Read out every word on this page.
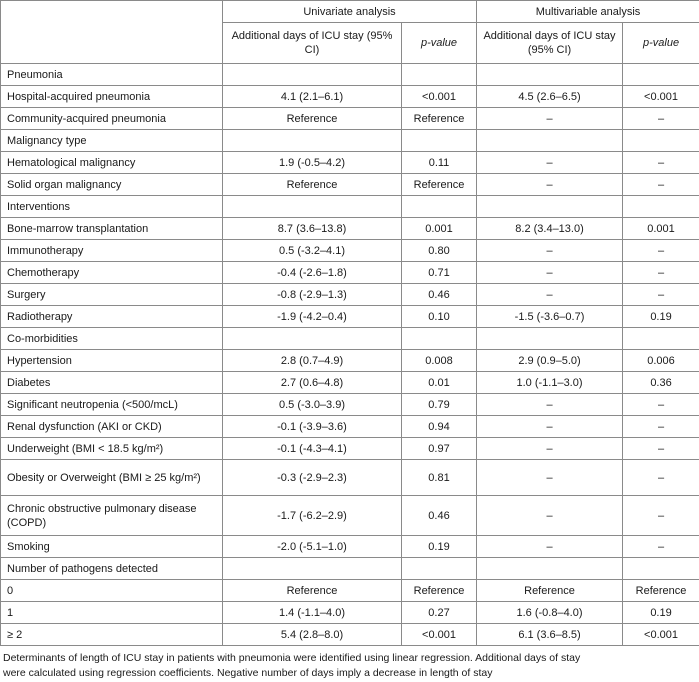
	Univariate analysis		Multivariable analysis	
	Additional days of ICU stay (95% CI)	p-value	Additional days of ICU stay (95% CI)	p-value
Pneumonia				
Hospital-acquired pneumonia	4.1 (2.1–6.1)	<0.001	4.5 (2.6–6.5)	<0.001
Community-acquired pneumonia	Reference	Reference	–	–
Malignancy type				
Hematological malignancy	1.9 (-0.5–4.2)	0.11	–	–
Solid organ malignancy	Reference	Reference	–	–
Interventions				
Bone-marrow transplantation	8.7 (3.6–13.8)	0.001	8.2 (3.4–13.0)	0.001
Immunotherapy	0.5 (-3.2–4.1)	0.80	–	–
Chemotherapy	-0.4 (-2.6–1.8)	0.71	–	–
Surgery	-0.8 (-2.9–1.3)	0.46	–	–
Radiotherapy	-1.9 (-4.2–0.4)	0.10	-1.5 (-3.6–0.7)	0.19
Co-morbidities				
Hypertension	2.8 (0.7–4.9)	0.008	2.9 (0.9–5.0)	0.006
Diabetes	2.7 (0.6–4.8)	0.01	1.0 (-1.1–3.0)	0.36
Significant neutropenia (<500/mcL)	0.5 (-3.0–3.9)	0.79	–	–
Renal dysfunction (AKI or CKD)	-0.1 (-3.9–3.6)	0.94	–	–
Underweight (BMI < 18.5 kg/m²)	-0.1 (-4.3–4.1)	0.97	–	–
Obesity or Overweight (BMI ≥ 25 kg/m²)	-0.3 (-2.9–2.3)	0.81	–	–
Chronic obstructive pulmonary disease (COPD)	-1.7 (-6.2–2.9)	0.46	–	–
Smoking	-2.0 (-5.1–1.0)	0.19	–	–
Number of pathogens detected				
0	Reference	Reference	Reference	Reference
1	1.4 (-1.1–4.0)	0.27	1.6 (-0.8–4.0)	0.19
≥ 2	5.4 (2.8–8.0)	<0.001	6.1 (3.6–8.5)	<0.001
Determinants of length of ICU stay in patients with pneumonia were identified using linear regression. Additional days of stay
were calculated using regression coefficients. Negative number of days imply a decrease in length of stay
